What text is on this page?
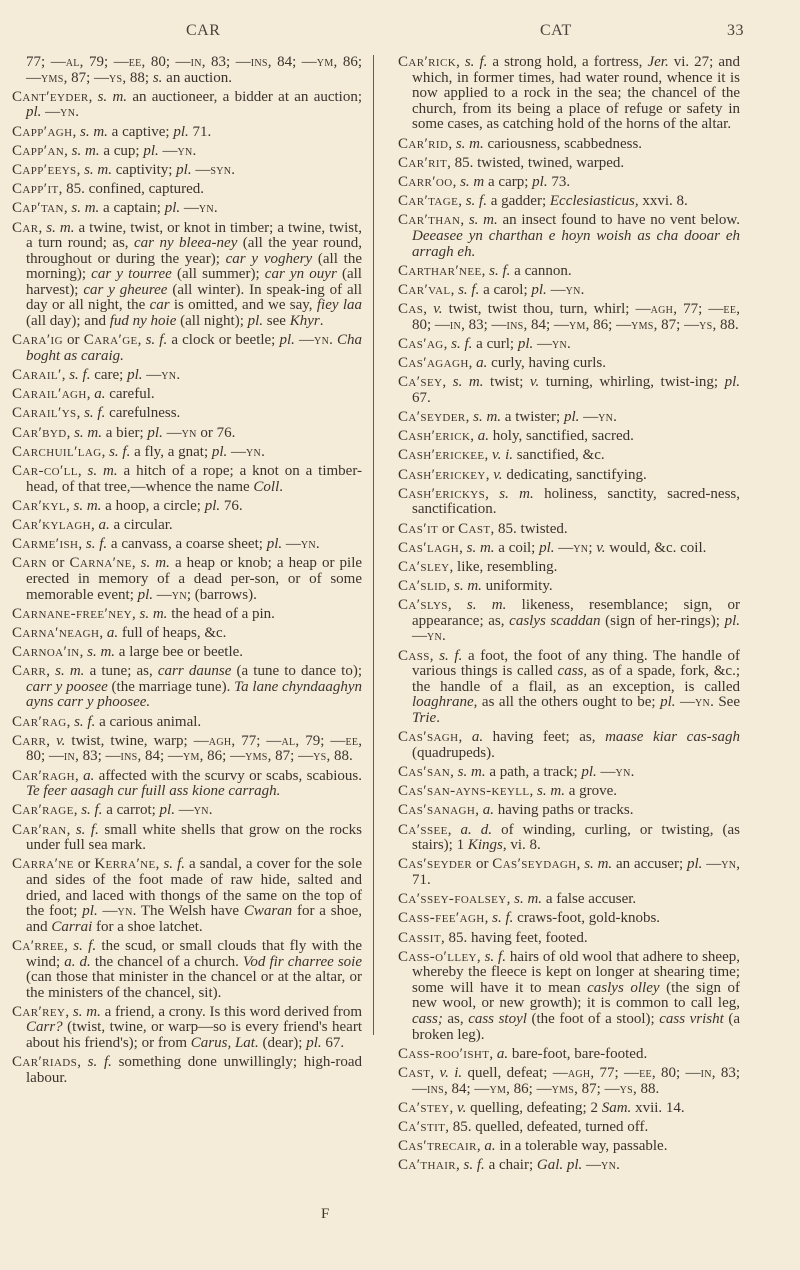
CAR	CAT	33

77; —al, 79; —ee, 80; —in, 83; —ins, 84; —ym, 86; —yms, 87; —ys, 88; s. an auction.

Cant′eyder, s. m. an auctioneer, a bidder at an auction; pl. —yn.

Capp′agh, s. m. a captive; pl. 71.

Capp′an, s. m. a cup; pl. —yn.

Capp′eeys, s. m. captivity; pl. —syn.

Capp′it, 85. confined, captured.

Cap′tan, s. m. a captain; pl. —yn.

Car, s. m. a twine, twist, or knot in timber; a twine, twist, a turn round; as, car ny bleea-ney (all the year round, throughout or during the year); car y voghery (all the morning); car y tourree (all summer); car yn ouyr (all harvest); car y gheuree (all winter). In speak-ing of all day or all night, the car is omitted, and we say, fiey laa (all day); and fud ny hoie (all night); pl. see Khyr.

Cara′ig or Cara′ge, s. f. a clock or beetle; pl. —yn. Cha boght as caraig.

Carail′, s. f. care; pl. —yn.

Carail′agh, a. careful.

Carail′ys, s. f. carefulness.

Car′byd, s. m. a bier; pl. —yn or 76.

Carchuil′lag, s. f. a fly, a gnat; pl. —yn.

Car-co′ll, s. m. a hitch of a rope; a knot on a timber-head, of that tree,—whence the name Coll.

Car′kyl, s. m. a hoop, a circle; pl. 76.

Car′kylagh, a. a circular.

Carme′ish, s. f. a canvass, a coarse sheet; pl. —yn.

Carn or Carna′ne, s. m. a heap or knob; a heap or pile erected in memory of a dead per-son, or of some memorable event; pl. —yn; (barrows).

Carnane-free′ney, s. m. the head of a pin.

Carna′neagh, a. full of heaps, &c.

Carnoa′in, s. m. a large bee or beetle.

Carr, s. m. a tune; as, carr daunse (a tune to dance to); carr y poosee (the marriage tune). Ta lane chyndaaghyn ayns carr y phoosee.

Car′rag, s. f. a carious animal.

Carr, v. twist, twine, warp; —agh, 77; —al, 79; —ee, 80; —in, 83; —ins, 84; —ym, 86; —yms, 87; —ys, 88.

Car′ragh, a. affected with the scurvy or scabs, scabious. Te feer aasagh cur fuill ass kione carragh.

Car′rage, s. f. a carrot; pl. —yn.

Car′ran, s. f. small white shells that grow on the rocks under full sea mark.

Carra′ne or Kerra′ne, s. f. a sandal, a cover for the sole and sides of the foot made of raw hide, salted and dried, and laced with thongs of the same on the top of the foot; pl. —yn. The Welsh have Cwaran for a shoe, and Carrai for a shoe latchet.

Ca′rree, s. f. the scud, or small clouds that fly with the wind; a. d. the chancel of a church. Vod fir charree soie (can those that minister in the chancel or at the altar, or the ministers of the chancel, sit).

Car′rey, s. m. a friend, a crony. Is this word derived from Carr? (twist, twine, or warp—so is every friend's heart about his friend's); or from Carus, Lat. (dear); pl. 67.

Car′riads, s. f. something done unwillingly; high-road labour.

Car′rick, s. f. a strong hold, a fortress, Jer. vi. 27; and which, in former times, had water round, whence it is now applied to a rock in the sea; the chancel of the church, from its being a place of refuge or safety in some cases, as catching hold of the horns of the altar.

Car′rid, s. m. cariousness, scabbedness.

Car′rit, 85. twisted, twined, warped.

Carr′oo, s. m a carp; pl. 73.

Car′tage, s. f. a gadder; Ecclesiasticus, xxvi. 8.

Car′than, s. m. an insect found to have no vent below. Deeasee yn charthan e hoyn woish as cha dooar eh arragh eh.

Carthar′nee, s. f. a cannon.

Car′val, s. f. a carol; pl. —yn.

Cas, v. twist, twist thou, turn, whirl; —agh, 77; —ee, 80; —in, 83; —ins, 84; —ym, 86; —yms, 87; —ys, 88.

Cas′ag, s. f. a curl; pl. —yn.

Cas′agagh, a. curly, having curls.

Ca′sey, s. m. twist; v. turning, whirling, twist-ing; pl. 67.

Ca′seyder, s. m. a twister; pl. —yn.

Cash′erick, a. holy, sanctified, sacred.

Cash′erickee, v. i. sanctified, &c.

Cash′erickey, v. dedicating, sanctifying.

Cash′erickys, s. m. holiness, sanctity, sacred-ness, sanctification.

Cas′it or Cast, 85. twisted.

Cas′lagh, s. m. a coil; pl. —yn; v. would, &c. coil.

Ca′sley, like, resembling.

Ca′slid, s. m. uniformity.

Ca′slys, s. m. likeness, resemblance; sign, or appearance; as, caslys scaddan (sign of her-rings); pl. —yn.

Cass, s. f. a foot, the foot of any thing. The handle of various things is called cass, as of a spade, fork, &c.; the handle of a flail, as an exception, is called loaghrane, as all the others ought to be; pl. —yn. See Trie.

Cas′sagh, a. having feet; as, maase kiar cas-sagh (quadrupeds).

Cas′san, s. m. a path, a track; pl. —yn.

Cas′san-ayns-keyll, s. m. a grove.

Cas′sanagh, a. having paths or tracks.

Ca′ssee, a. d. of winding, curling, or twisting, (as stairs); 1 Kings, vi. 8.

Cas′seyder or Cas′seydagh, s. m. an accuser; pl. —yn, 71.

Ca′ssey-foalsey, s. m. a false accuser.

Cass-fee′agh, s. f. craws-foot, gold-knobs.

Cassit, 85. having feet, footed.

Cass-o′lley, s. f. hairs of old wool that adhere to sheep, whereby the fleece is kept on longer at shearing time; some will have it to mean caslys olley (the sign of new wool, or new growth); it is common to call leg, cass; as, cass stoyl (the foot of a stool); cass vrisht (a broken leg).

Cass-roo′isht, a. bare-foot, bare-footed.

Cast, v. i. quell, defeat; —agh, 77; —ee, 80; —in, 83; —ins, 84; —ym, 86; —yms, 87; —ys, 88.

Ca′stey, v. quelling, defeating; 2 Sam. xvii. 14.

Ca′stit, 85. quelled, defeated, turned off.

Cas′trecair, a. in a tolerable way, passable.

Ca′thair, s. f. a chair; Gal. pl. —yn.

F
